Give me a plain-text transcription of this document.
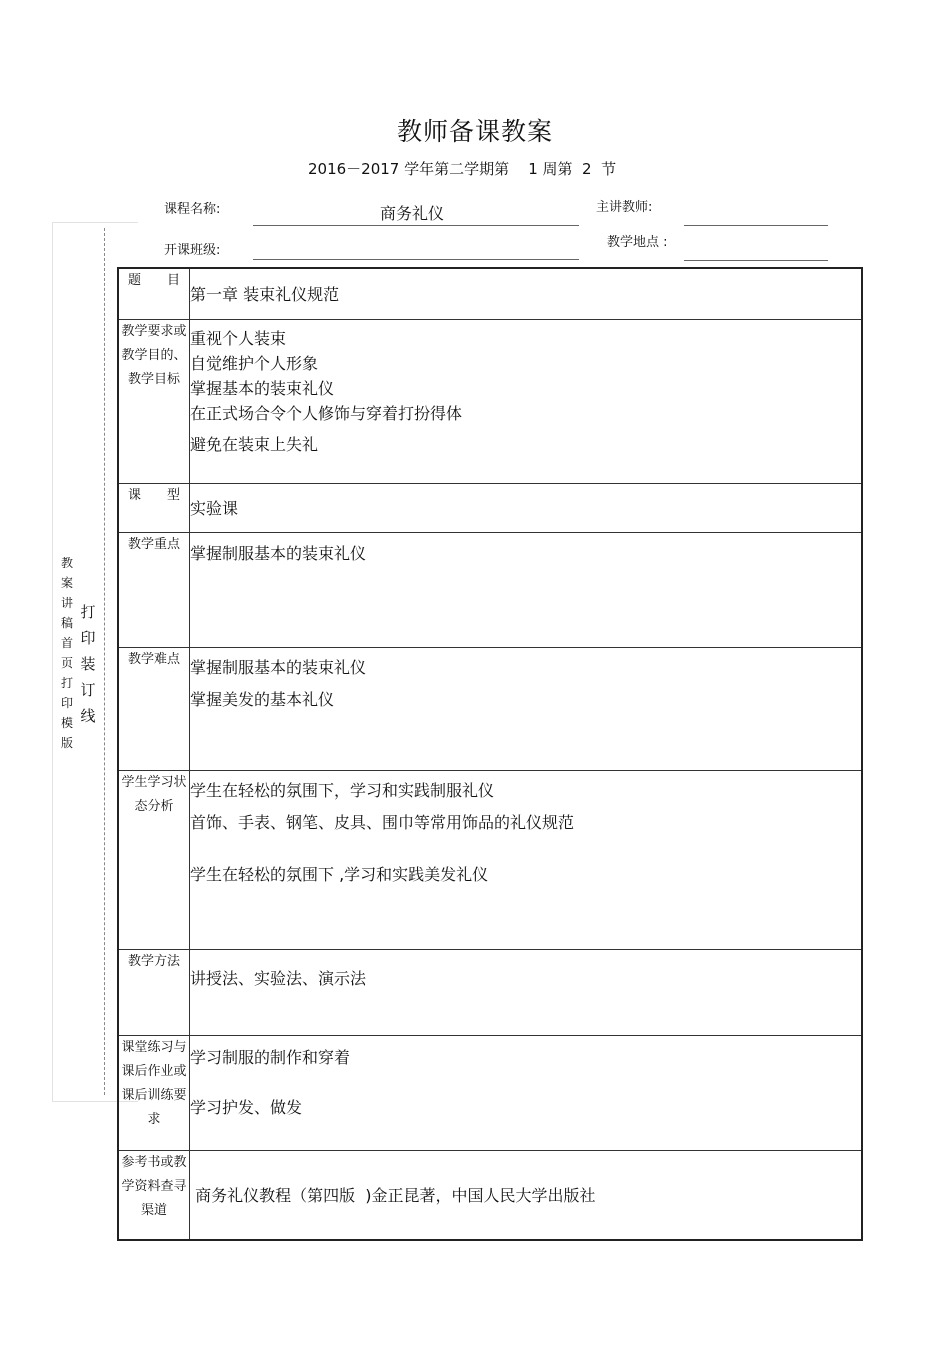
教师备课教案
2016－2017 学年第二学期第    1 周第  2  节
课程名称:	商务礼仪	主讲教师:
开课班级:
教学地点 :
教案讲稿首页打印模版
打印装订线
题　　目	第一章 装束礼仪规范

教学要求或教学目的、教学目标	重视个人装束
自觉维护个人形象
掌握基本的装束礼仪
在正式场合令个人修饰与穿着打扮得体
避免在装束上失礼

课　　型	实验课

教学重点	掌握制服基本的装束礼仪

教学难点	掌握制服基本的装束礼仪
掌握美发的基本礼仪

学生学习状态分析	学生在轻松的氛围下，学习和实践制服礼仪
首饰、手表、钢笔、皮具、围巾等常用饰品的礼仪规范
学生在轻松的氛围下 ,学习和实践美发礼仪

教学方法	讲授法、实验法、演示法

课堂练习与课后作业或课后训练要求	学习制服的制作和穿着
学习护发、做发

参考书或教学资料查寻渠道	商务礼仪教程（第四版  )金正昆著，中国人民大学出版社
